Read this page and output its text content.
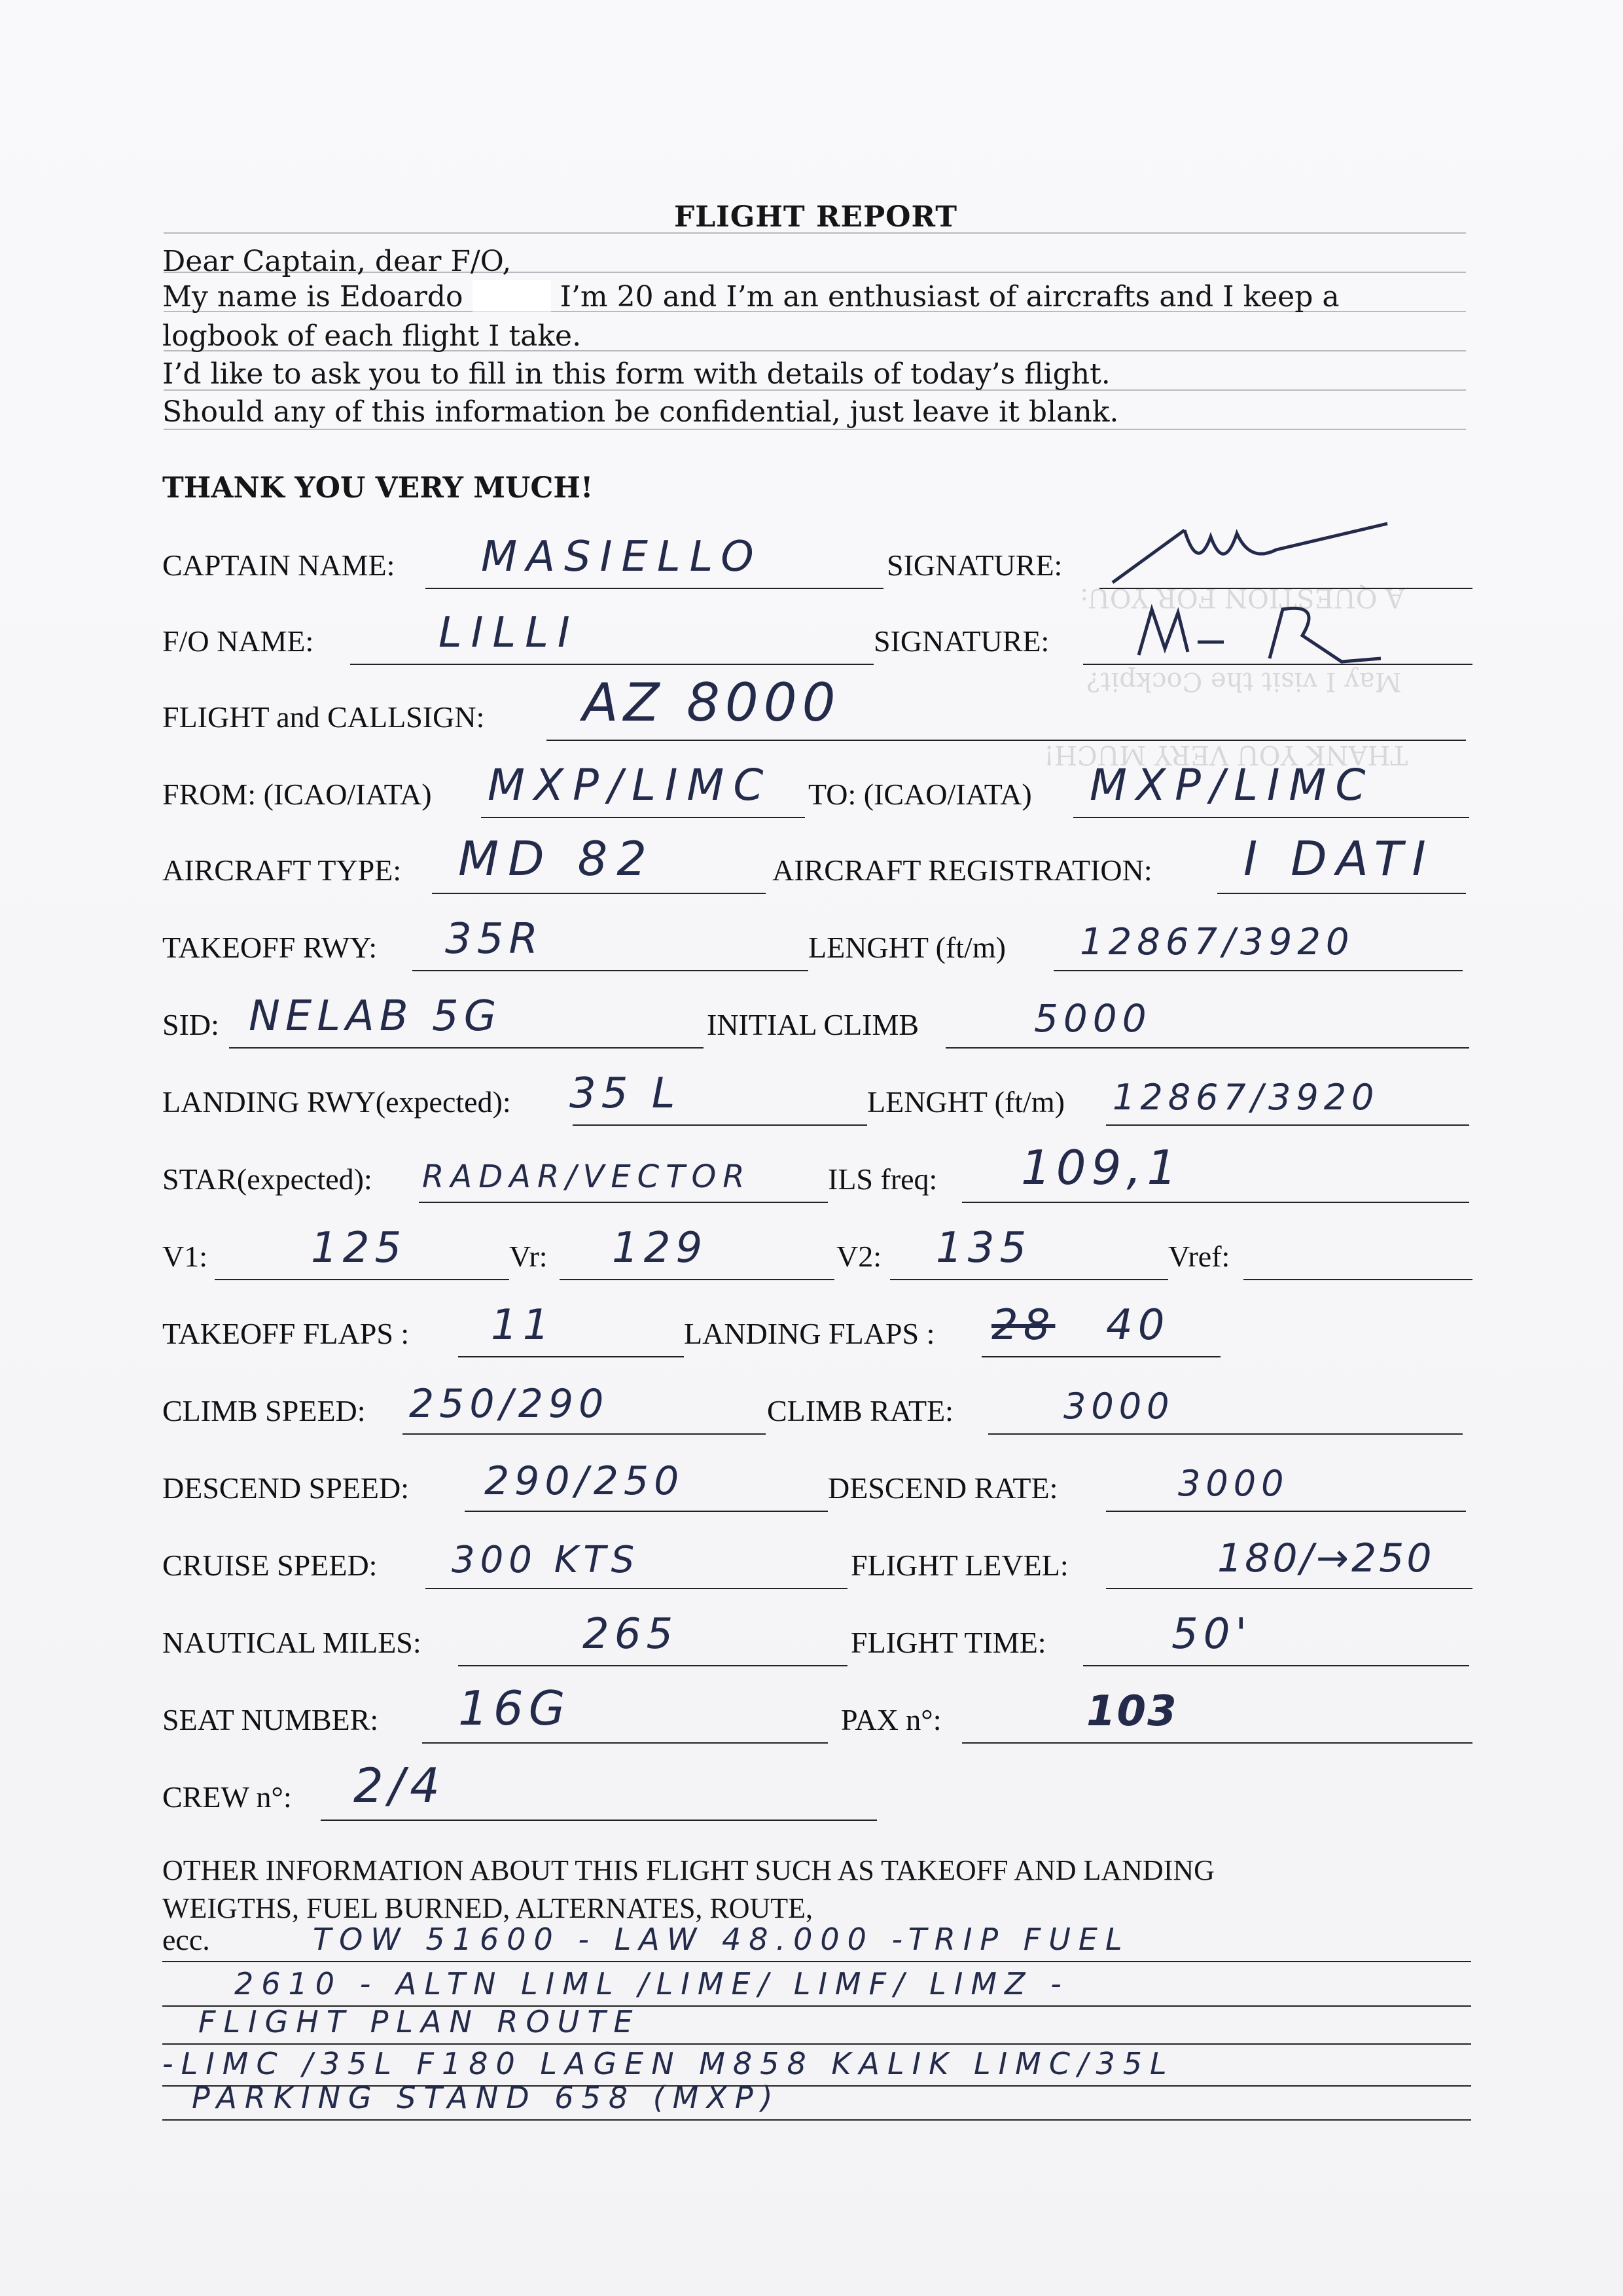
FLIGHT REPORT
Dear Captain, dear F/O,
My name is Edoardo	I’m 20 and I’m an enthusiast of aircrafts and I keep a
logbook of each flight I take.
I’d like to ask you to fill in this form with details of today’s flight.
Should any of this information be confidential, just leave it blank.
THANK YOU VERY MUCH!
A QUESTION FOR YOU:
May I visit the Cockpit?
THANK YOU VERY MUCH!
CAPTAIN NAME: MASIELLO	SIGNATURE:
F/O NAME:	LILLI	SIGNATURE:
FLIGHT and CALLSIGN: AZ 8000
FROM: (ICAO/IATA) MXP/LIMC TO: (ICAO/IATA) MXP/LIMC
AIRCRAFT TYPE: MD 82	AIRCRAFT REGISTRATION: I DATI
TAKEOFF RWY: 35R	LENGHT (ft/m) 12867/3920
SID: NELAB 5G	INITIAL CLIMB	5000
LANDING RWY(expected): 35 L	LENGHT (ft/m) 12867/3920
STAR(expected): RADAR/VECTOR	ILS freq: 109,1
V1: 125	Vr: 129	V2: 135	Vref:
TAKEOFF FLAPS : 11	LANDING FLAPS : 28 40
CLIMB SPEED: 250/290	CLIMB RATE:	3000
DESCEND SPEED: 290/250	DESCEND RATE:	3000
CRUISE SPEED: 300 KTS	FLIGHT LEVEL:	180/→250
NAUTICAL MILES:	265	FLIGHT TIME:	50'
SEAT NUMBER: 16G	PAX n°:	103
CREW n°: 2/4
OTHER INFORMATION ABOUT THIS FLIGHT SUCH AS TAKEOFF AND LANDING
WEIGTHS, FUEL BURNED, ALTERNATES, ROUTE,
ecc.	TOW 51600 - LAW 48.000 -TRIP FUEL
2610 - ALTN LIML /LIME/ LIMF/ LIMZ -
FLIGHT PLAN ROUTE
-LIMC /35L F180 LAGEN M858 KALIK LIMC/35L
PARKING STAND 658 (MXP)
